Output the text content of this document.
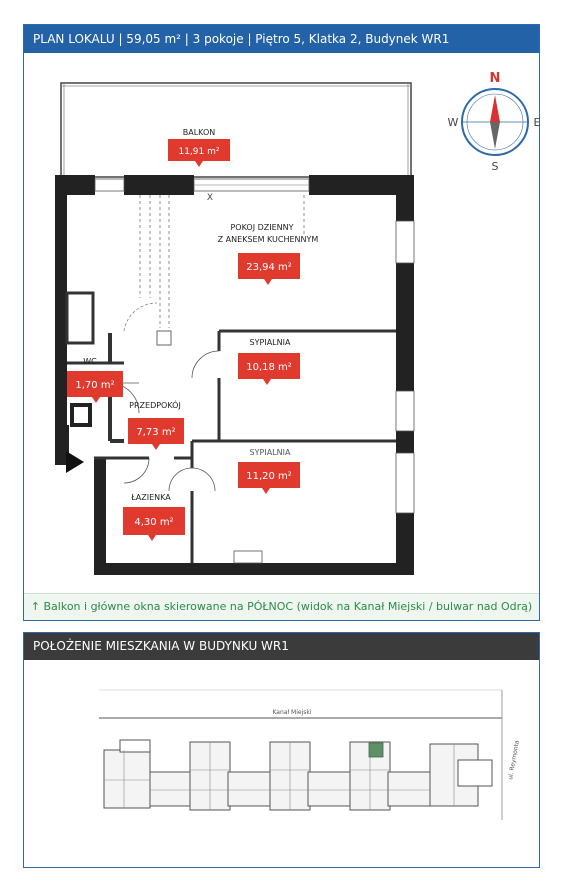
PLAN LOKALU | 59,05 m² | 3 pokoje | Piętro 5, Klatka 2, Budynek WR1
N
S
W	E
BALKON
11,91 m²
X
POKOJ DZIENNY
Z ANEKSEM KUCHENNYM
23,94 m²
SYPIALNIA
10,18 m²
WC
1,70 m²
PRZEDPOKÓJ
7,73 m²
SYPIALNIA
11,20 m²
ŁAZIENKA
4,30 m²
↑ Balkon i główne okna skierowane na PÓŁNOC (widok na Kanał Miejski / bulwar nad Odrą)
POŁOŻENIE MIESZKANIA W BUDYNKU WR1
Kanał Miejski
ul. Reymonta
